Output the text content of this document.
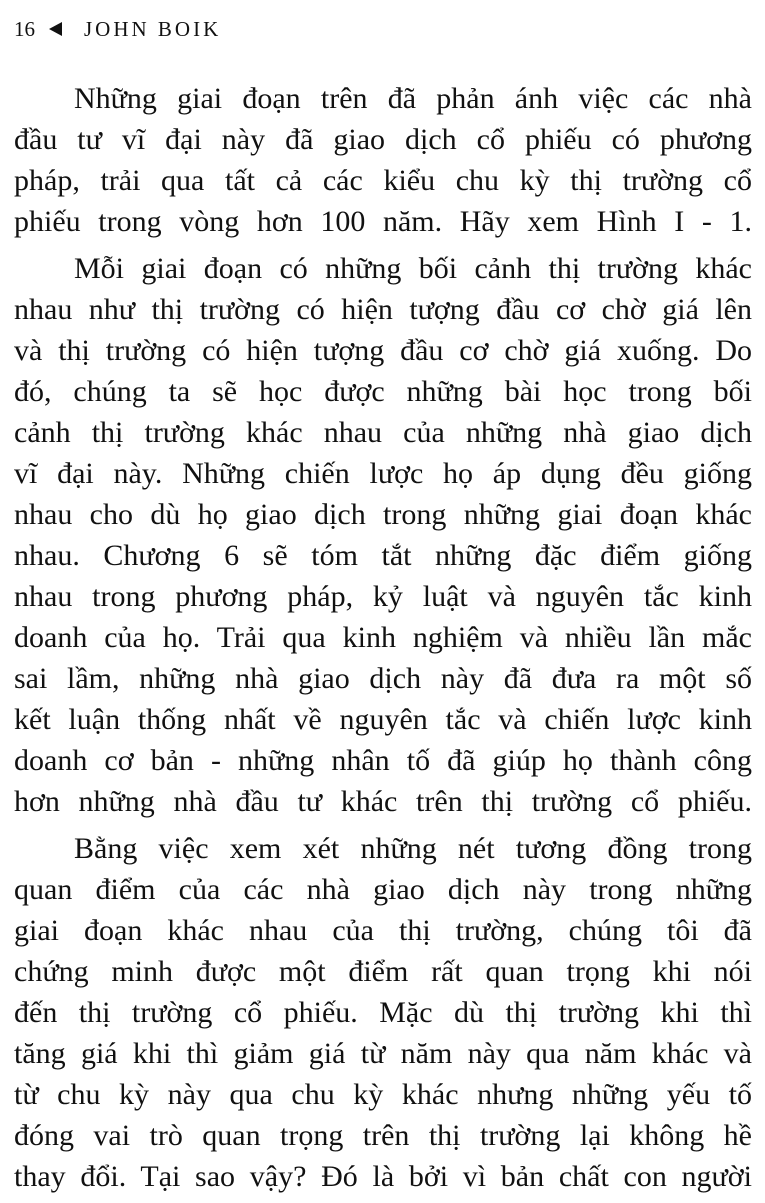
16 JOHN BOIK

Những giai đoạn trên đã phản ánh việc các nhà
đầu tư vĩ đại này đã giao dịch cổ phiếu có phương
pháp, trải qua tất cả các kiểu chu kỳ thị trường cổ
phiếu trong vòng hơn 100 năm. Hãy xem Hình I - 1.

Mỗi giai đoạn có những bối cảnh thị trường khác
nhau như thị trường có hiện tượng đầu cơ chờ giá lên
và thị trường có hiện tượng đầu cơ chờ giá xuống. Do
đó, chúng ta sẽ học được những bài học trong bối
cảnh thị trường khác nhau của những nhà giao dịch
vĩ đại này. Những chiến lược họ áp dụng đều giống
nhau cho dù họ giao dịch trong những giai đoạn khác
nhau. Chương 6 sẽ tóm tắt những đặc điểm giống
nhau trong phương pháp, kỷ luật và nguyên tắc kinh
doanh của họ. Trải qua kinh nghiệm và nhiều lần mắc
sai lầm, những nhà giao dịch này đã đưa ra một số
kết luận thống nhất về nguyên tắc và chiến lược kinh
doanh cơ bản - những nhân tố đã giúp họ thành công
hơn những nhà đầu tư khác trên thị trường cổ phiếu.

Bằng việc xem xét những nét tương đồng trong
quan điểm của các nhà giao dịch này trong những
giai đoạn khác nhau của thị trường, chúng tôi đã
chứng minh được một điểm rất quan trọng khi nói
đến thị trường cổ phiếu. Mặc dù thị trường khi thì
tăng giá khi thì giảm giá từ năm này qua năm khác và
từ chu kỳ này qua chu kỳ khác nhưng những yếu tố
đóng vai trò quan trọng trên thị trường lại không hề
thay đổi. Tại sao vậy? Đó là bởi vì bản chất con người
